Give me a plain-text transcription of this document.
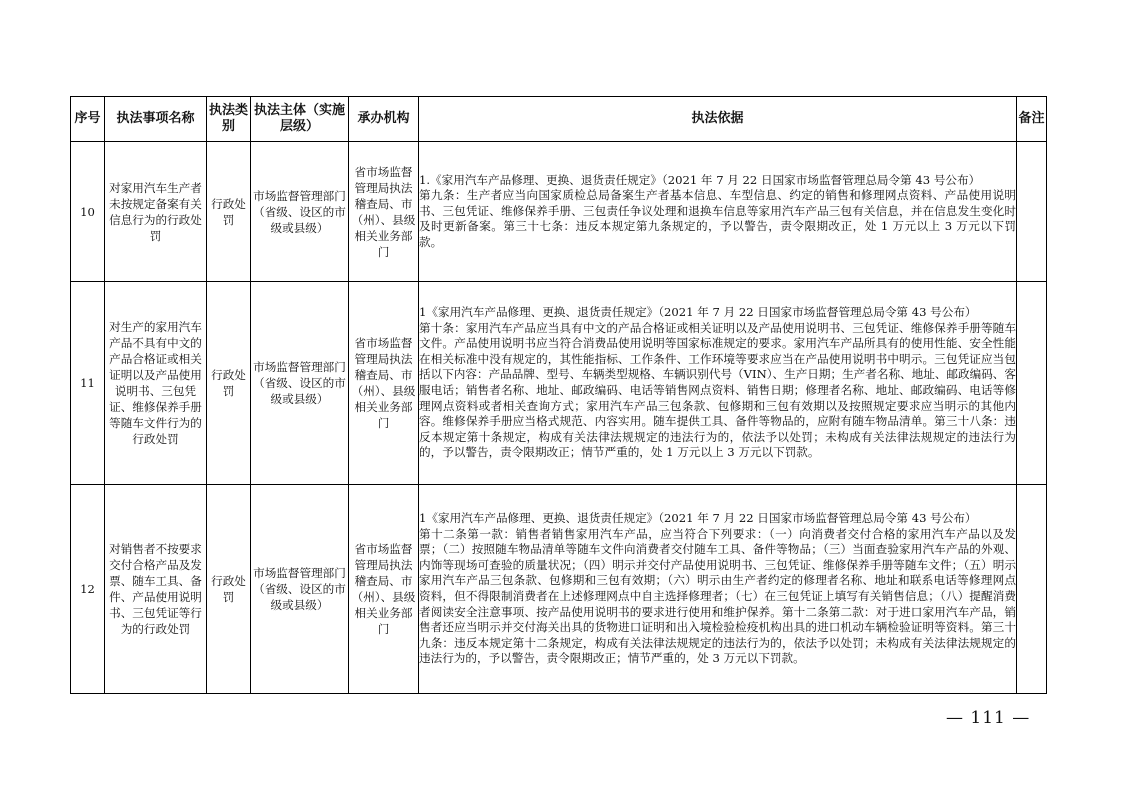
序号	执法事项名称	执法类别	执法主体（实施层级）	承办机构	执法依据	备注
10	对家用汽车生产者未按规定备案有关信息行为的行政处罚	行政处罚	市场监督管理部门（省级、设区的市级或县级）	省市场监督管理局执法稽查局、市（州）、县级相关业务部门	1.《家用汽车产品修理、更换、退货责任规定》（2021 年 7 月 22 日国家市场监督管理总局令第 43 号公布）

第九条：生产者应当向国家质检总局备案生产者基本信息、车型信息、约定的销售和修理网点资料、产品使用说明书、三包凭证、维修保养手册、三包责任争议处理和退换车信息等家用汽车产品三包有关信息，并在信息发生变化时及时更新备案。第三十七条：违反本规定第九条规定的，予以警告，责令限期改正，处 1 万元以上 3 万元以下罚款。	

11	对生产的家用汽车产品不具有中文的产品合格证或相关证明以及产品使用说明书、三包凭证、维修保养手册等随车文件行为的行政处罚	行政处罚	市场监督管理部门（省级、设区的市级或县级）	省市场监督管理局执法稽查局、市（州）、县级相关业务部门	1《家用汽车产品修理、更换、退货责任规定》（2021 年 7 月 22 日国家市场监督管理总局令第 43 号公布）

第十条：家用汽车产品应当具有中文的产品合格证或相关证明以及产品使用说明书、三包凭证、维修保养手册等随车文件。产品使用说明书应当符合消费品使用说明等国家标准规定的要求。家用汽车产品所具有的使用性能、安全性能在相关标准中没有规定的，其性能指标、工作条件、工作环境等要求应当在产品使用说明书中明示。三包凭证应当包括以下内容：产品品牌、型号、车辆类型规格、车辆识别代号（VIN）、生产日期；生产者名称、地址、邮政编码、客服电话；销售者名称、地址、邮政编码、电话等销售网点资料、销售日期；修理者名称、地址、邮政编码、电话等修理网点资料或者相关查询方式；家用汽车产品三包条款、包修期和三包有效期以及按照规定要求应当明示的其他内容。维修保养手册应当格式规范、内容实用。随车提供工具、备件等物品的，应附有随车物品清单。第三十八条：违反本规定第十条规定，构成有关法律法规规定的违法行为的，依法予以处罚；未构成有关法律法规规定的违法行为的，予以警告，责令限期改正；情节严重的，处 1 万元以上 3 万元以下罚款。	

12	对销售者不按要求交付合格产品及发票、随车工具、备件、产品使用说明书、三包凭证等行为的行政处罚	行政处罚	市场监督管理部门（省级、设区的市级或县级）	省市场监督管理局执法稽查局、市（州）、县级相关业务部门	1《家用汽车产品修理、更换、退货责任规定》（2021 年 7 月 22 日国家市场监督管理总局令第 43 号公布）

第十二条第一款：销售者销售家用汽车产品，应当符合下列要求：（一）向消费者交付合格的家用汽车产品以及发票；（二）按照随车物品清单等随车文件向消费者交付随车工具、备件等物品；（三）当面查验家用汽车产品的外观、内饰等现场可查验的质量状况；（四）明示并交付产品使用说明书、三包凭证、维修保养手册等随车文件；（五）明示家用汽车产品三包条款、包修期和三包有效期；（六）明示由生产者约定的修理者名称、地址和联系电话等修理网点资料，但不得限制消费者在上述修理网点中自主选择修理者；（七）在三包凭证上填写有关销售信息；（八）提醒消费者阅读安全注意事项、按产品使用说明书的要求进行使用和维护保养。第十二条第二款：对于进口家用汽车产品，销售者还应当明示并交付海关出具的货物进口证明和出入境检验检疫机构出具的进口机动车辆检验证明等资料。第三十九条：违反本规定第十二条规定，构成有关法律法规规定的违法行为的，依法予以处罚；未构成有关法律法规规定的违法行为的，予以警告，责令限期改正；情节严重的，处 3 万元以下罚款。	

— 111 —
